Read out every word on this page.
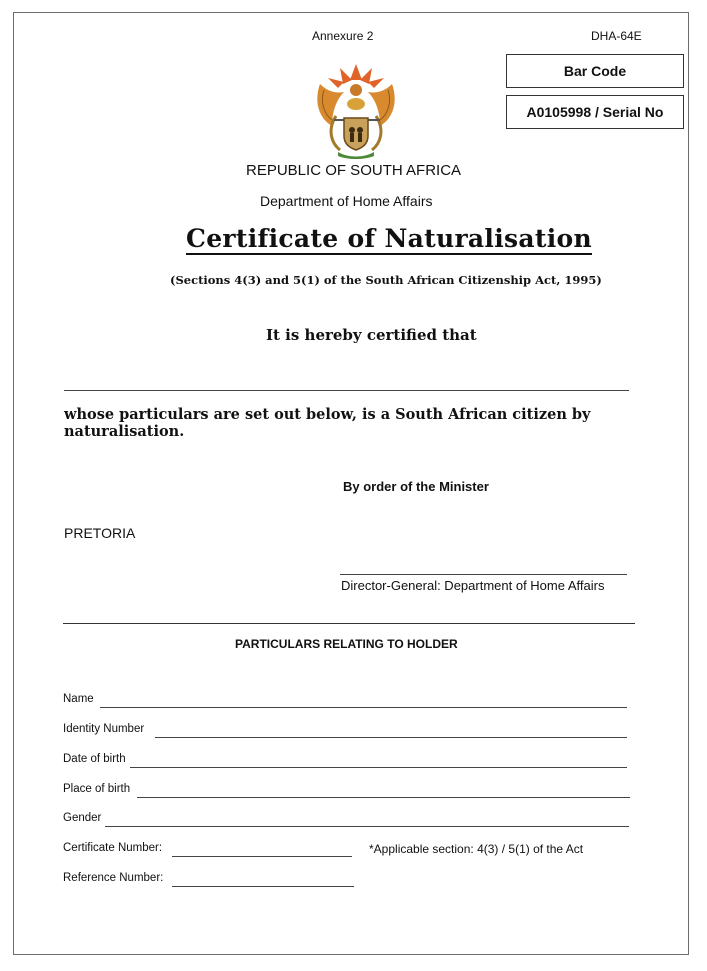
Annexure 2	DHA-64E
Bar Code
A0105998 / Serial No
REPUBLIC OF SOUTH AFRICA
Department of Home Affairs
Certificate of Naturalisation
(Sections 4(3) and 5(1) of the South African Citizenship Act, 1995)
It is hereby certified that
whose particulars are set out below, is a South African citizen by naturalisation.
By order of the Minister
PRETORIA
Director-General: Department of Home Affairs
PARTICULARS RELATING TO HOLDER
Name
Identity Number
Date of birth
Place of birth
Gender
Certificate Number:	*Applicable section: 4(3) / 5(1) of the Act
Reference Number:
